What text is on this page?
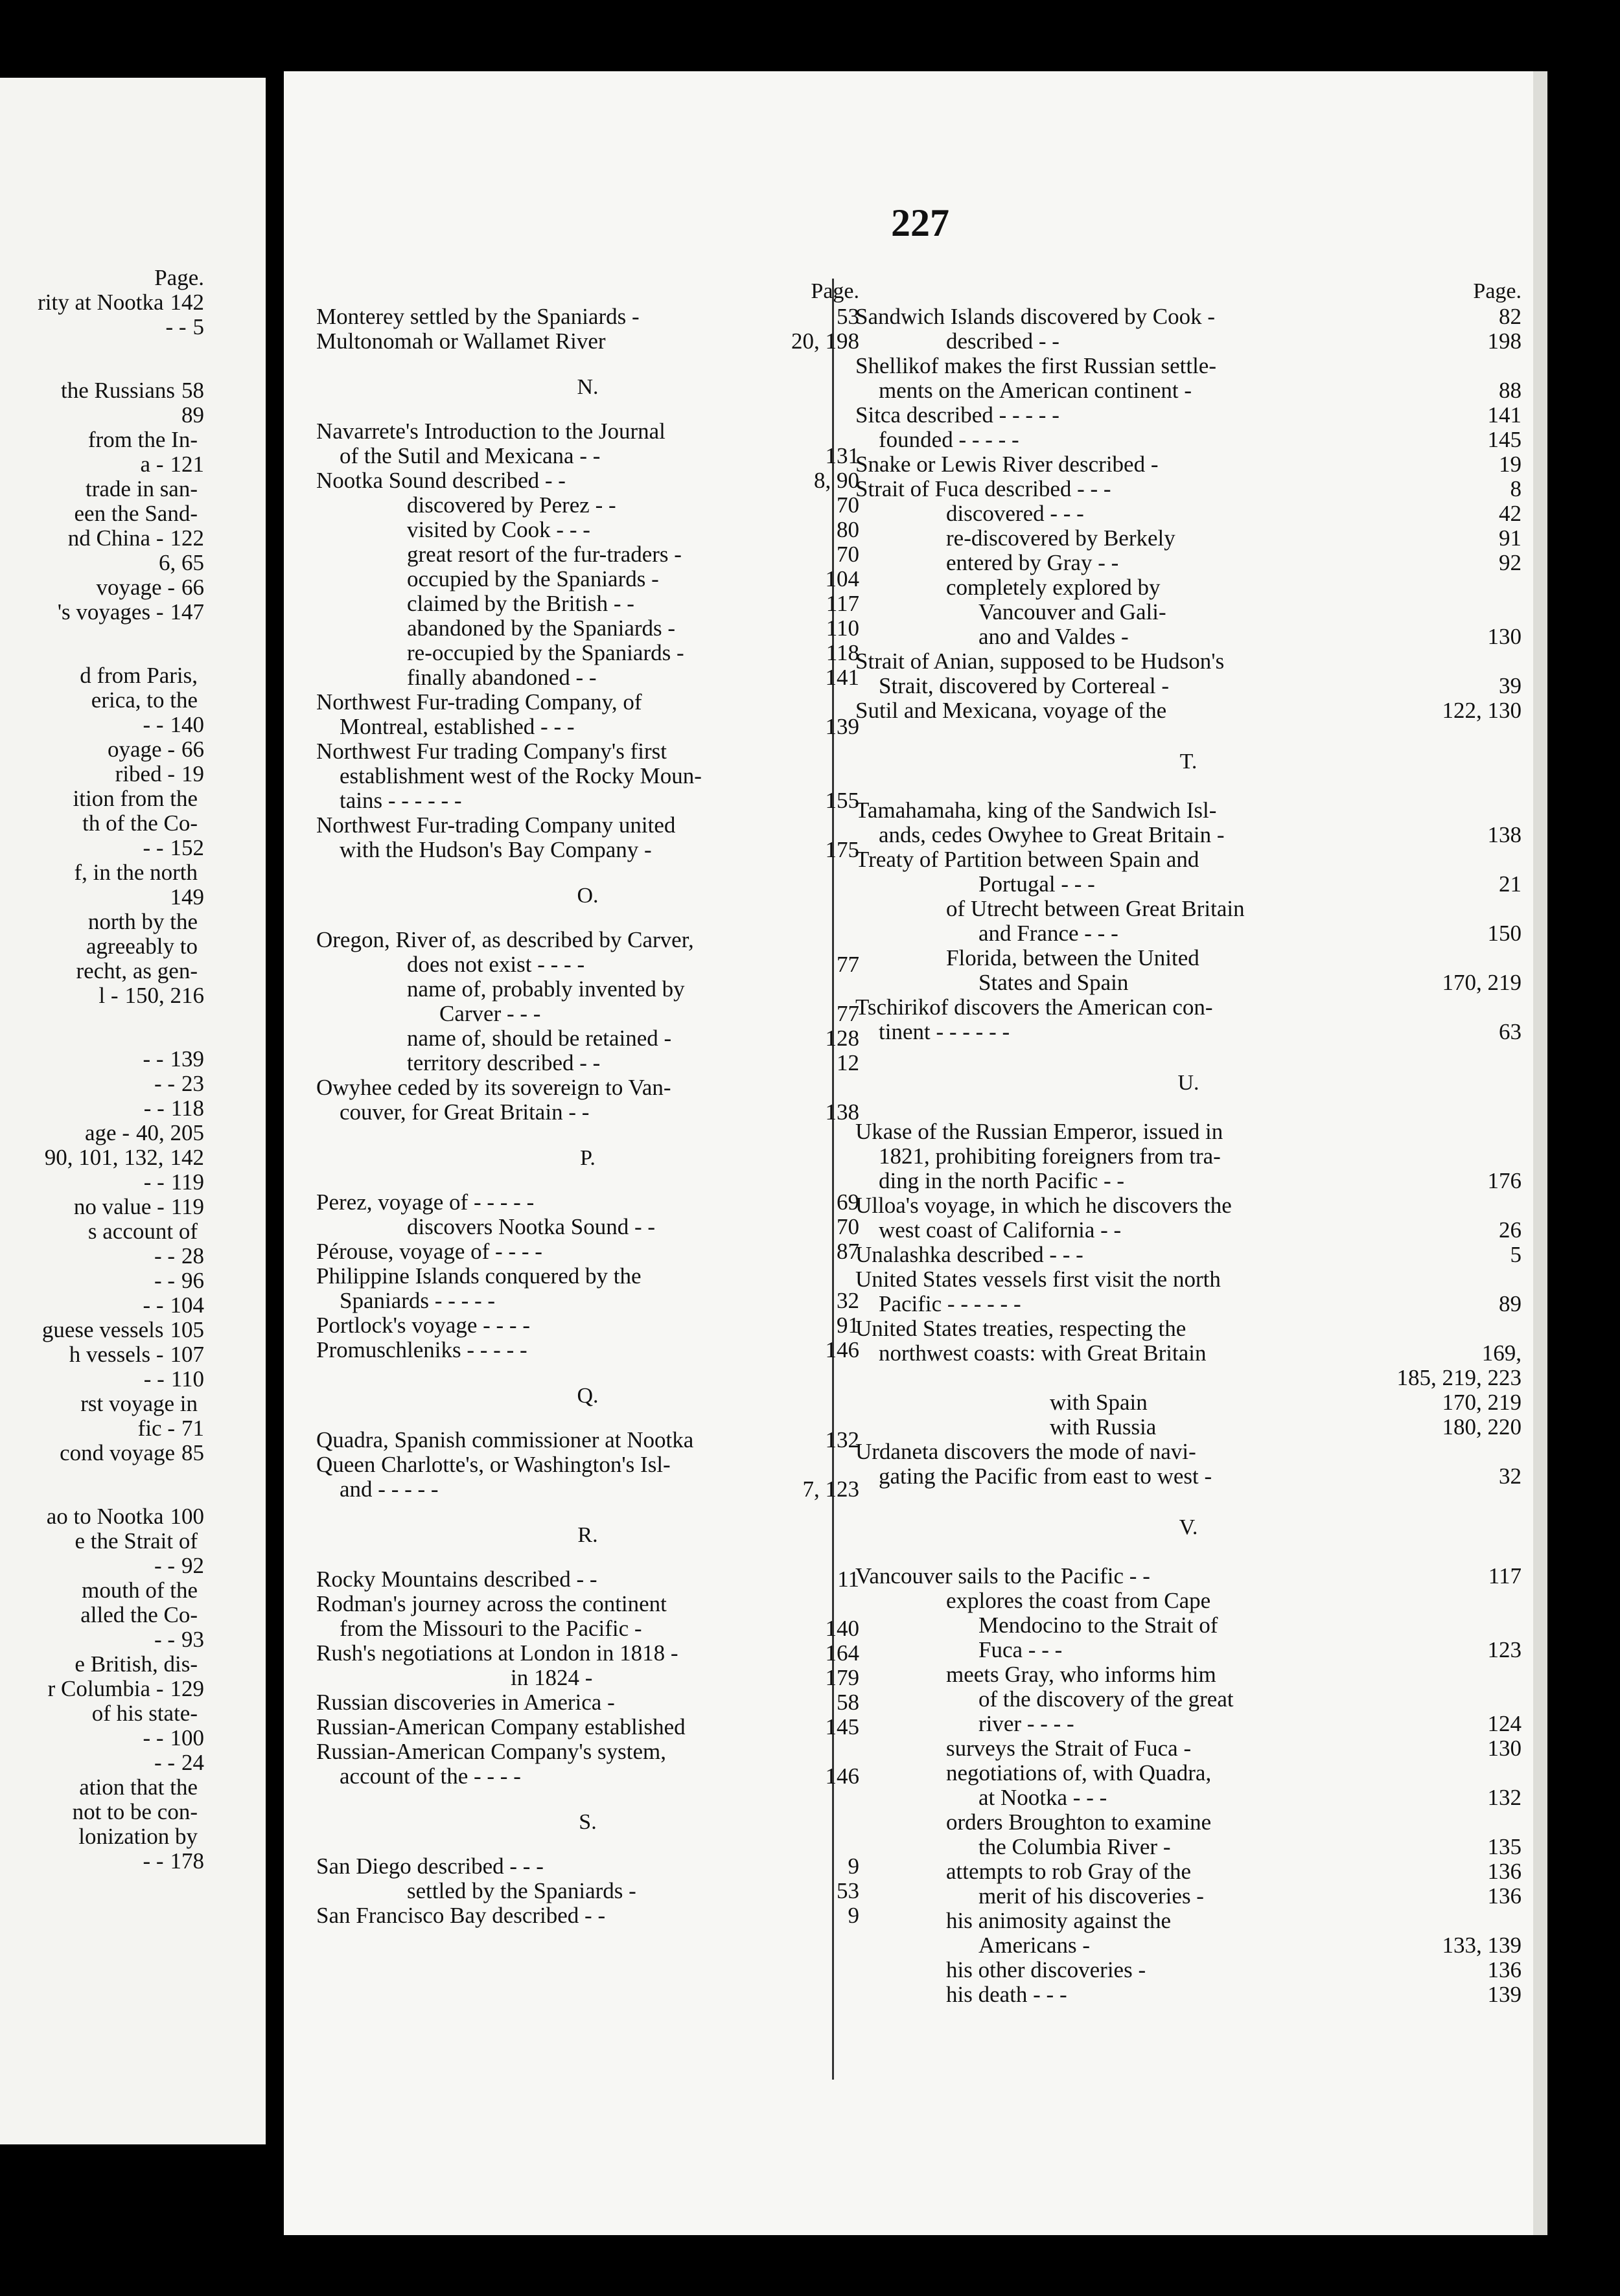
Page.
rity at Nootka 142
- - 5
the Russians 58
89
from the In-
a - 121
trade in san-
een the Sand-
nd China - 122
6, 65
voyage - 66
's voyages - 147
d from Paris,
erica, to the
- - 140
oyage - 66
ribed - 19
ition from the
th of the Co-
- - 152
f, in the north
149
north by the
agreeably to
recht, as gen-
l - 150, 216
- - 139
- - 23
- - 118
age - 40, 205
90, 101, 132, 142
- - 119
no value - 119
s account of
- - 28
- - 96
- - 104
guese vessels 105
h vessels - 107
- - 110
rst voyage in
fic - 71
cond voyage 85
ao to Nootka 100
e the Strait of
- - 92
mouth of the
alled the Co-
- - 93
e British, dis-
r Columbia - 129
of his state-
- - 100
- - 24
ation that the
not to be con-
lonization by
- - 178
227
Page.
Monterey settled by the Spaniards -	53
Multonomah or Wallamet River	20, 198
N.
Navarrete's Introduction to the Journal
of the Sutil and Mexicana - -	131
Nootka Sound described - -	8, 90
discovered by Perez - -	70
visited by Cook - - -	80
great resort of the fur-traders -	70
occupied by the Spaniards -	104
claimed by the British - -	117
abandoned by the Spaniards -	110
re-occupied by the Spaniards -	118
finally abandoned - -	141
Northwest Fur-trading Company, of
Montreal, established - - -	139
Northwest Fur trading Company's first
establishment west of the Rocky Moun-
tains - - - - - -	155
Northwest Fur-trading Company united
with the Hudson's Bay Company -	175
O.
Oregon, River of, as described by Carver,
does not exist - - - -	77
name of, probably invented by
Carver - - -	77
name of, should be retained -	128
territory described - -	12
Owyhee ceded by its sovereign to Van-
couver, for Great Britain - -	138
P.
Perez, voyage of - - - - -	69
discovers Nootka Sound - -	70
Pérouse, voyage of - - - -	87
Philippine Islands conquered by the
Spaniards - - - - -	32
Portlock's voyage - - - -	91
Promuschleniks - - - - -	146
Q.
Quadra, Spanish commissioner at Nootka	132
Queen Charlotte's, or Washington's Isl-
and - - - - -	7, 123
R.
Rocky Mountains described - -	11
Rodman's journey across the continent
from the Missouri to the Pacific -	140
Rush's negotiations at London in 1818 -	164
in 1824 -	179
Russian discoveries in America -	58
Russian-American Company established	145
Russian-American Company's system,
account of the - - - -	146
S.
San Diego described - - -	9
settled by the Spaniards -	53
San Francisco Bay described - -	9
Page.
Sandwich Islands discovered by Cook -	82
described - -	198
Shellikof makes the first Russian settle-
ments on the American continent -	88
Sitca described - - - - -	141
founded - - - - -	145
Snake or Lewis River described -	19
Strait of Fuca described - - -	8
discovered - - -	42
re-discovered by Berkely	91
entered by Gray - -	92
completely explored by
Vancouver and Gali-
ano and Valdes -	130
Strait of Anian, supposed to be Hudson's
Strait, discovered by Cortereal -	39
Sutil and Mexicana, voyage of the	122, 130
T.
Tamahamaha, king of the Sandwich Isl-
ands, cedes Owyhee to Great Britain -	138
Treaty of Partition between Spain and
Portugal - - -	21
of Utrecht between Great Britain
and France - - -	150
Florida, between the United
States and Spain	170, 219
Tschirikof discovers the American con-
tinent - - - - - -	63
U.
Ukase of the Russian Emperor, issued in
1821, prohibiting foreigners from tra-
ding in the north Pacific - -	176
Ulloa's voyage, in which he discovers the
west coast of California - -	26
Unalashka described - - -	5
United States vessels first visit the north
Pacific - - - - - -	89
United States treaties, respecting the
northwest coasts: with Great Britain	169,
185, 219, 223
with Spain	170, 219
with Russia	180, 220
Urdaneta discovers the mode of navi-
gating the Pacific from east to west -	32
V.
Vancouver sails to the Pacific - -	117
explores the coast from Cape
Mendocino to the Strait of
Fuca - - -	123
meets Gray, who informs him
of the discovery of the great
river - - - -	124
surveys the Strait of Fuca -	130
negotiations of, with Quadra,
at Nootka - - -	132
orders Broughton to examine
the Columbia River -	135
attempts to rob Gray of the	136
merit of his discoveries -	136
his animosity against the
Americans -	133, 139
his other discoveries -	136
his death - - -	139
